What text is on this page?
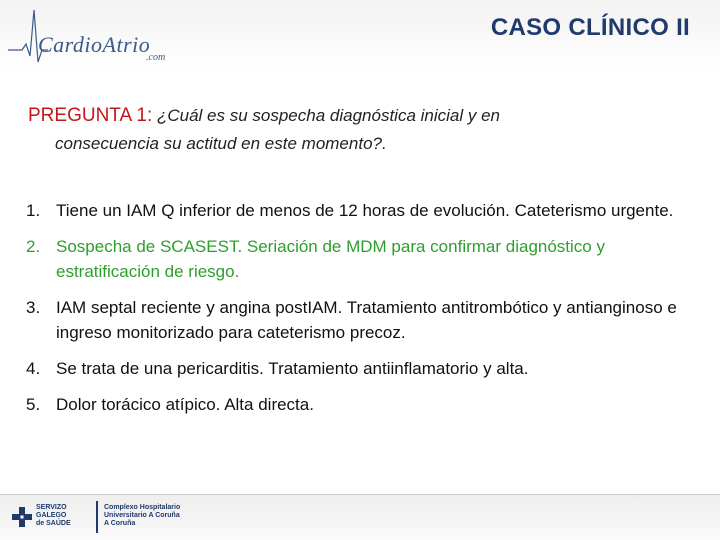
CardioAtrio
.com
CASO CLÍNICO II
PREGUNTA 1: ¿Cuál es su sospecha diagnóstica inicial y en
consecuencia su actitud en este momento?.
1. Tiene un IAM Q inferior de menos de 12 horas de evolución. Cateterismo urgente.
2. Sospecha de SCASEST. Seriación de MDM para confirmar diagnóstico y estratificación de riesgo.
3. IAM septal reciente y angina postIAM. Tratamiento antitrombótico y antianginoso e ingreso monitorizado para cateterismo precoz.
4. Se trata de una pericarditis. Tratamiento antiinflamatorio y alta.
5. Dolor torácico atípico. Alta directa.
SERVIZO
GALEGO
de SAÚDE
Complexo Hospitalario
Universitario A Coruña
A Coruña
